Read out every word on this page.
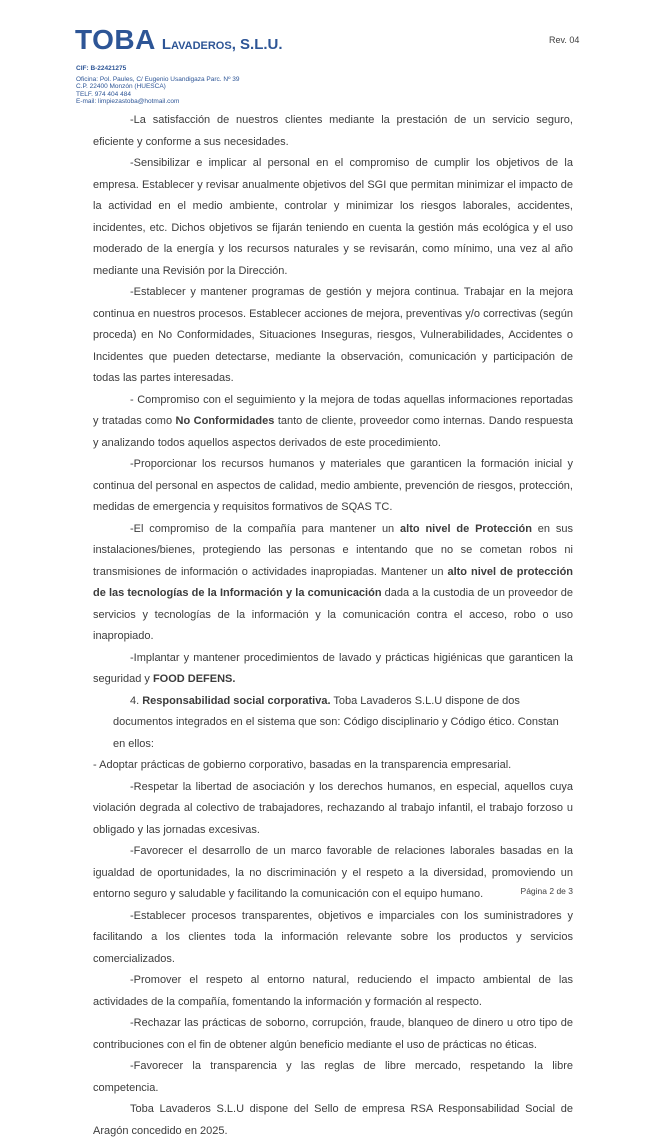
TOBA Lavaderos, S.L.U.	Rev. 04
CIF: B-22421275
Oficina: Pol. Paules, C/ Eugenio Usandigaza Parc. Nº 39
C.P. 22400 Monzón (HUESCA)
TELF. 974 404 484
E-mail: limpiezastoba@hotmail.com

-La satisfacción de nuestros clientes mediante la prestación de un servicio seguro, eficiente y conforme a sus necesidades.

-Sensibilizar e implicar al personal en el compromiso de cumplir los objetivos de la empresa. Establecer y revisar anualmente objetivos del SGI que permitan minimizar el impacto de la actividad en el medio ambiente, controlar y minimizar los riesgos laborales, accidentes, incidentes, etc. Dichos objetivos se fijarán teniendo en cuenta la gestión más ecológica y el uso moderado de la energía y los recursos naturales y se revisarán, como mínimo, una vez al año mediante una Revisión por la Dirección.

-Establecer y mantener programas de gestión y mejora continua. Trabajar en la mejora continua en nuestros procesos. Establecer acciones de mejora, preventivas y/o correctivas (según proceda) en No Conformidades, Situaciones Inseguras, riesgos, Vulnerabilidades, Accidentes o Incidentes que pueden detectarse, mediante la observación, comunicación y participación de todas las partes interesadas.

- Compromiso con el seguimiento y la mejora de todas aquellas informaciones reportadas y tratadas como No Conformidades tanto de cliente, proveedor como internas. Dando respuesta y analizando todos aquellos aspectos derivados de este procedimiento.

-Proporcionar los recursos humanos y materiales que garanticen la formación inicial y continua del personal en aspectos de calidad, medio ambiente, prevención de riesgos, protección, medidas de emergencia y requisitos formativos de SQAS TC.

-El compromiso de la compañía para mantener un alto nivel de Protección en sus instalaciones/bienes, protegiendo las personas e intentando que no se cometan robos ni transmisiones de información o actividades inapropiadas. Mantener un alto nivel de protección de las tecnologías de la Información y la comunicación dada a la custodia de un proveedor de servicios y tecnologías de la información y la comunicación contra el acceso, robo o uso inapropiado.

-Implantar y mantener procedimientos de lavado y prácticas higiénicas que garanticen la seguridad y FOOD DEFENS.

4. Responsabilidad social corporativa. Toba Lavaderos S.L.U dispone de dos documentos integrados en el sistema que son: Código disciplinario y Código ético. Constan en ellos:

- Adoptar prácticas de gobierno corporativo, basadas en la transparencia empresarial.

-Respetar la libertad de asociación y los derechos humanos, en especial, aquellos cuya violación degrada al colectivo de trabajadores, rechazando al trabajo infantil, el trabajo forzoso u obligado y las jornadas excesivas.

-Favorecer el desarrollo de un marco favorable de relaciones laborales basadas en la igualdad de oportunidades, la no discriminación y el respeto a la diversidad, promoviendo un entorno seguro y saludable y facilitando la comunicación con el equipo humano.

-Establecer procesos transparentes, objetivos e imparciales con los suministradores y facilitando a los clientes toda la información relevante sobre los productos y servicios comercializados.

-Promover el respeto al entorno natural, reduciendo el impacto ambiental de las actividades de la compañía, fomentando la información y formación al respecto.

-Rechazar las prácticas de soborno, corrupción, fraude, blanqueo de dinero u otro tipo de contribuciones con el fin de obtener algún beneficio mediante el uso de prácticas no éticas.

-Favorecer la transparencia y las reglas de libre mercado, respetando la libre competencia.

Toba Lavaderos S.L.U dispone del Sello de empresa RSA Responsabilidad Social de Aragón concedido en 2025.

Página 2 de 3
